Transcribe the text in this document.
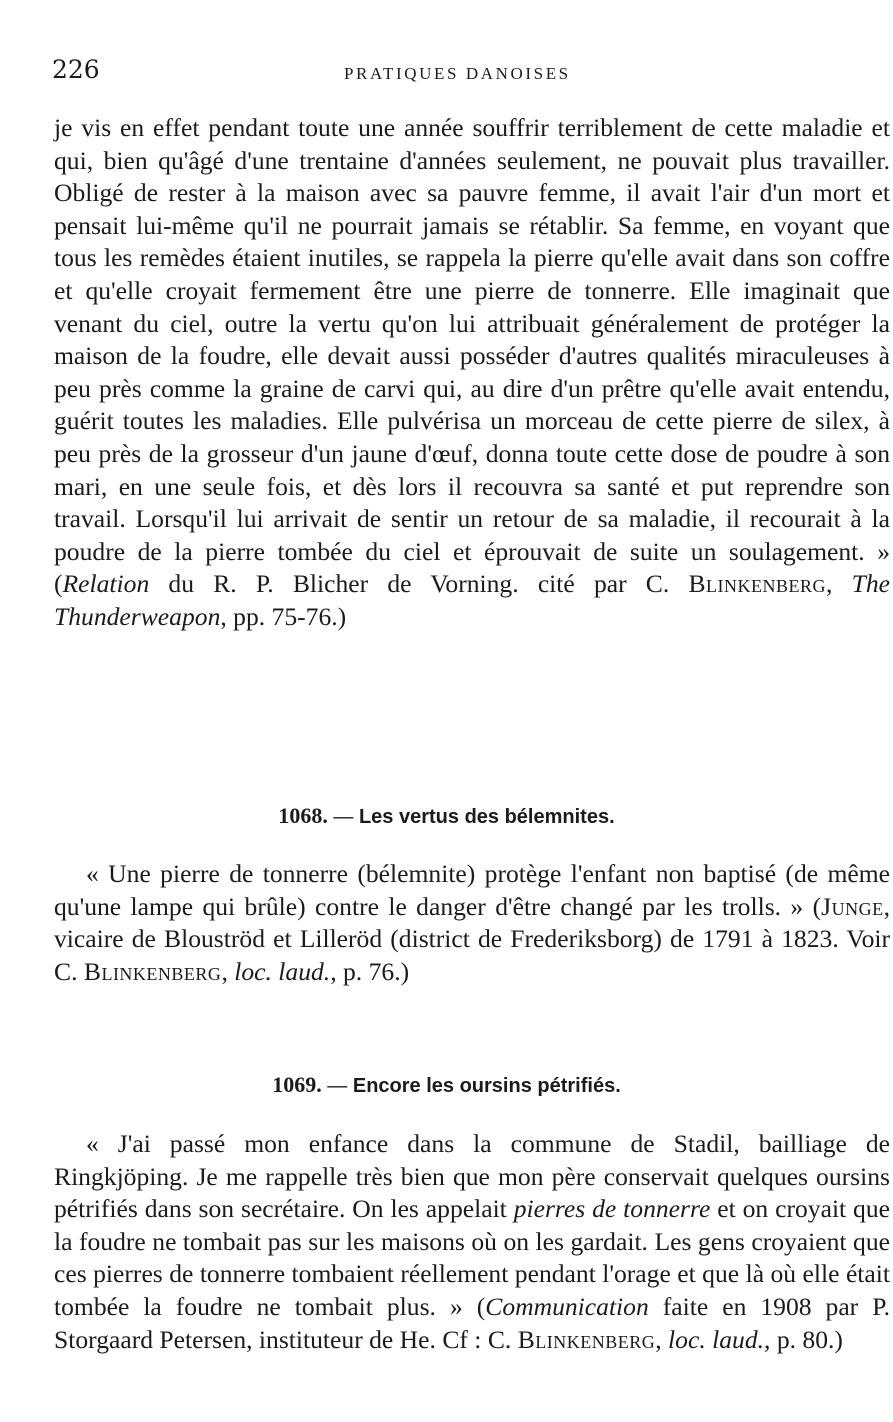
226	PRATIQUES DANOISES

je vis en effet pendant toute une année souffrir terriblement de cette maladie et qui, bien qu'âgé d'une trentaine d'années seulement, ne pouvait plus travailler. Obligé de rester à la maison avec sa pauvre femme, il avait l'air d'un mort et pensait lui-même qu'il ne pourrait jamais se rétablir. Sa femme, en voyant que tous les remèdes étaient inutiles, se rappela la pierre qu'elle avait dans son coffre et qu'elle croyait fermement être une pierre de tonnerre. Elle imaginait que venant du ciel, outre la vertu qu'on lui attribuait généralement de protéger la maison de la foudre, elle devait aussi posséder d'autres qualités miraculeuses à peu près comme la graine de carvi qui, au dire d'un prêtre qu'elle avait entendu, guérit toutes les maladies. Elle pulvérisa un morceau de cette pierre de silex, à peu près de la grosseur d'un jaune d'œuf, donna toute cette dose de poudre à son mari, en une seule fois, et dès lors il recouvra sa santé et put reprendre son travail. Lorsqu'il lui arrivait de sentir un retour de sa maladie, il recourait à la poudre de la pierre tombée du ciel et éprouvait de suite un soulagement. » (Relation du R. P. Blicher de Vorning. cité par C. Blinkenberg, The Thunderweapon, pp. 75-76.)

1068. — Les vertus des bélemnites.

« Une pierre de tonnerre (bélemnite) protège l'enfant non baptisé (de même qu'une lampe qui brûle) contre le danger d'être changé par les trolls. » (Junge, vicaire de Blouströd et Lilleröd (district de Frederiksborg) de 1791 à 1823. Voir C. Blinkenberg, loc. laud., p. 76.)

1069. — Encore les oursins pétrifiés.

« J'ai passé mon enfance dans la commune de Stadil, bailliage de Ringkjöping. Je me rappelle très bien que mon père conservait quelques oursins pétrifiés dans son secrétaire. On les appelait pierres de tonnerre et on croyait que la foudre ne tombait pas sur les maisons où on les gardait. Les gens croyaient que ces pierres de tonnerre tombaient réellement pendant l'orage et que là où elle était tombée la foudre ne tombait plus. » (Communication faite en 1908 par P. Storgaard Petersen, instituteur de He. Cf : C. Blinkenberg, loc. laud., p. 80.)
